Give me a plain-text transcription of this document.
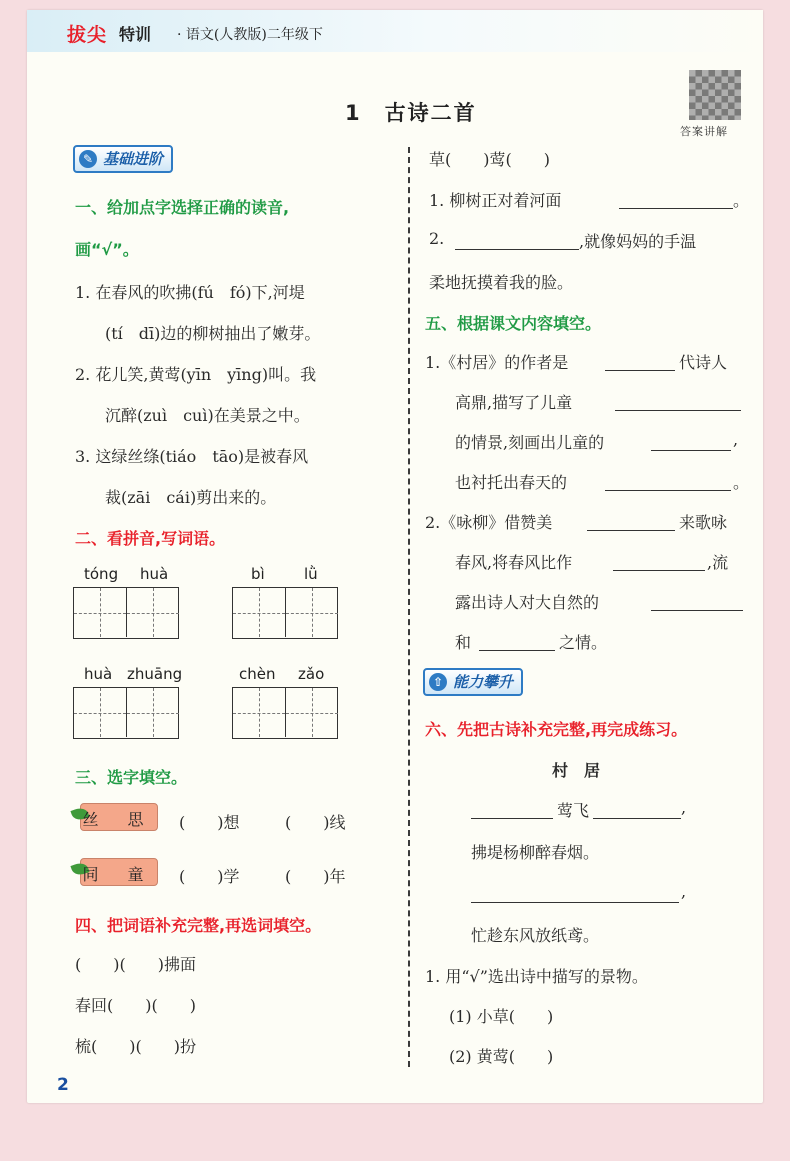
拔尖 特训 · 语文(人教版)二年级下
1　古诗二首
答案讲解
✎ 基础进阶
一、给加点字选择正确的读音,
画“√”。
1. 在春风的吹拂(fú　fó)下,河堤
(tí　dī)边的柳树抽出了嫩芽。
2. 花儿笑,黄莺(yīn　yīng)叫。我
沉醉(zuì　cuì)在美景之中。
3. 这绿丝绦(tiáo　tāo)是被春风
裁(zāi　cái)剪出来的。
二、看拼音,写词语。
tóng huà	bì	lǜ
huà zhuāng	chèn zǎo
三、选字填空。
丝 思 (　　)想	(　　)线
同 童 (　　)学	(　　)年
四、把词语补充完整,再选词填空。
(　　)(　　)拂面
春回(　　)(　　)
梳(　　)(　　)扮
草(　　)莺(　　)
1. 柳树正对着河面	。
2.	,就像妈妈的手温
柔地抚摸着我的脸。
五、根据课文内容填空。
1.《村居》的作者是	代诗人
高鼎,描写了儿童
的情景,刻画出儿童的	,
也衬托出春天的	。
2.《咏柳》借赞美	来歌咏
春风,将春风比作	,流
露出诗人对大自然的
和	之情。
⇧ 能力攀升
六、先把古诗补充完整,再完成练习。
村　居
莺飞	,
拂堤杨柳醉春烟。
,
忙趁东风放纸鸢。
1. 用“√”选出诗中描写的景物。
(1) 小草(　　)
(2) 黄莺(　　)
2
